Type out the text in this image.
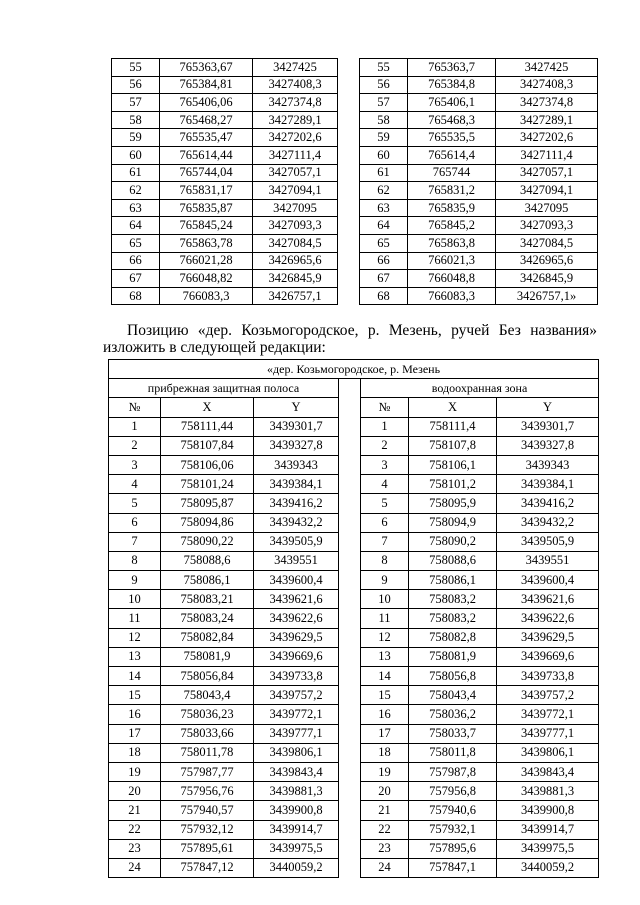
55	765363,67	3427425		55	765363,7	3427425
56	765384,81	3427408,3		56	765384,8	3427408,3
57	765406,06	3427374,8		57	765406,1	3427374,8
58	765468,27	3427289,1		58	765468,3	3427289,1
59	765535,47	3427202,6		59	765535,5	3427202,6
60	765614,44	3427111,4		60	765614,4	3427111,4
61	765744,04	3427057,1		61	765744	3427057,1
62	765831,17	3427094,1		62	765831,2	3427094,1
63	765835,87	3427095		63	765835,9	3427095
64	765845,24	3427093,3		64	765845,2	3427093,3
65	765863,78	3427084,5		65	765863,8	3427084,5
66	766021,28	3426965,6		66	766021,3	3426965,6
67	766048,82	3426845,9		67	766048,8	3426845,9
68	766083,3	3426757,1		68	766083,3	3426757,1»
Позицию «дер. Козьмогородское, р. Мезень, ручей Без названия»
изложить в следующей редакции:
«дер. Козьмогородское, р. Мезень						
прибрежная защитная полоса				водоохранная зона		
№	X	Y		№	X	Y
1	758111,44	3439301,7		1	758111,4	3439301,7
2	758107,84	3439327,8		2	758107,8	3439327,8
3	758106,06	3439343		3	758106,1	3439343
4	758101,24	3439384,1		4	758101,2	3439384,1
5	758095,87	3439416,2		5	758095,9	3439416,2
6	758094,86	3439432,2		6	758094,9	3439432,2
7	758090,22	3439505,9		7	758090,2	3439505,9
8	758088,6	3439551		8	758088,6	3439551
9	758086,1	3439600,4		9	758086,1	3439600,4
10	758083,21	3439621,6		10	758083,2	3439621,6
11	758083,24	3439622,6		11	758083,2	3439622,6
12	758082,84	3439629,5		12	758082,8	3439629,5
13	758081,9	3439669,6		13	758081,9	3439669,6
14	758056,84	3439733,8		14	758056,8	3439733,8
15	758043,4	3439757,2		15	758043,4	3439757,2
16	758036,23	3439772,1		16	758036,2	3439772,1
17	758033,66	3439777,1		17	758033,7	3439777,1
18	758011,78	3439806,1		18	758011,8	3439806,1
19	757987,77	3439843,4		19	757987,8	3439843,4
20	757956,76	3439881,3		20	757956,8	3439881,3
21	757940,57	3439900,8		21	757940,6	3439900,8
22	757932,12	3439914,7		22	757932,1	3439914,7
23	757895,61	3439975,5		23	757895,6	3439975,5
24	757847,12	3440059,2		24	757847,1	3440059,2
